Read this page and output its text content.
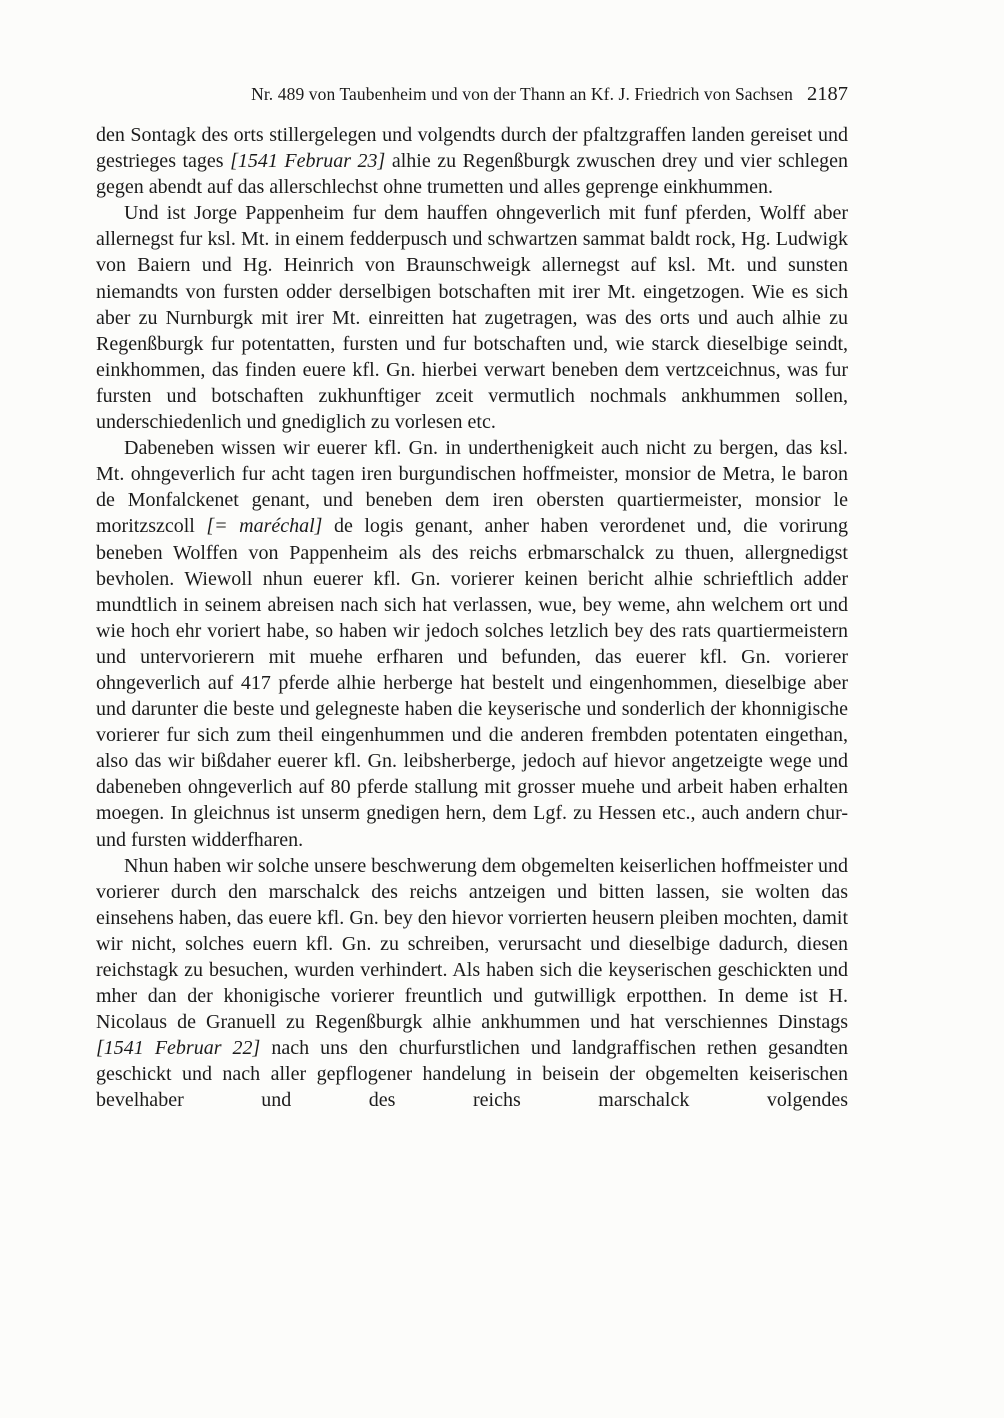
Nr. 489 von Taubenheim und von der Thann an Kf. J. Friedrich von Sachsen 2187

den Sontagk des orts stillergelegen und volgendts durch der pfaltzgraffen landen gereiset und gestrieges tages [1541 Februar 23] alhie zu Regenßburgk zwuschen drey und vier schlegen gegen abendt auf das allerschlechst ohne trumetten und alles geprenge einkhummen.

Und ist Jorge Pappenheim fur dem hauffen ohngeverlich mit funf pferden, Wolff aber allernegst fur ksl. Mt. in einem fedderpusch und schwartzen sammat baldt rock, Hg. Ludwigk von Baiern und Hg. Heinrich von Braunschweigk allernegst auf ksl. Mt. und sunsten niemandts von fursten odder derselbigen botschaften mit irer Mt. eingetzogen. Wie es sich aber zu Nurnburgk mit irer Mt. einreitten hat zugetragen, was des orts und auch alhie zu Regenßburgk fur potentatten, fursten und fur botschaften und, wie starck dieselbige seindt, einkhommen, das finden euere kfl. Gn. hierbei verwart beneben dem vertzceichnus, was fur fursten und botschaften zukhunftiger zceit vermutlich nochmals ankhummen sollen, underschiedenlich und gnediglich zu vorlesen etc.

Dabeneben wissen wir euerer kfl. Gn. in underthenigkeit auch nicht zu bergen, das ksl. Mt. ohngeverlich fur acht tagen iren burgundischen hoffmeister, monsior de Metra, le baron de Monfalckenet genant, und beneben dem iren obersten quartiermeister, monsior le moritzszcoll [= maréchal] de logis genant, anher haben verordenet und, die vorirung beneben Wolffen von Pappenheim als des reichs erbmarschalck zu thuen, allergnedigst bevholen. Wiewoll nhun euerer kfl. Gn. vorierer keinen bericht alhie schrieftlich adder mundtlich in seinem abreisen nach sich hat verlassen, wue, bey weme, ahn welchem ort und wie hoch ehr voriert habe, so haben wir jedoch solches letzlich bey des rats quartiermeistern und untervorierern mit muehe erfharen und befunden, das euerer kfl. Gn. vorierer ohngeverlich auf 417 pferde alhie herberge hat bestelt und eingenhommen, dieselbige aber und darunter die beste und gelegneste haben die keyserische und sonderlich der khonnigische vorierer fur sich zum theil eingenhummen und die anderen frembden potentaten eingethan, also das wir bißdaher euerer kfl. Gn. leibsherberge, jedoch auf hievor angetzeigte wege und dabeneben ohngeverlich auf 80 pferde stallung mit grosser muehe und arbeit haben erhalten moegen. In gleichnus ist unserm gnedigen hern, dem Lgf. zu Hessen etc., auch andern chur- und fursten widderfharen.

Nhun haben wir solche unsere beschwerung dem obgemelten keiserlichen hoffmeister und vorierer durch den marschalck des reichs antzeigen und bitten lassen, sie wolten das einsehens haben, das euere kfl. Gn. bey den hievor vorrierten heusern pleiben mochten, damit wir nicht, solches euern kfl. Gn. zu schreiben, verursacht und dieselbige dadurch, diesen reichstagk zu besuchen, wurden verhindert. Als haben sich die keyserischen geschickten und mher dan der khonigische vorierer freuntlich und gutwilligk erpotthen. In deme ist H. Nicolaus de Granuell zu Regenßburgk alhie ankhummen und hat verschiennes Dinstags [1541 Februar 22] nach uns den churfurstlichen und landgraffischen rethen gesandten geschickt und nach aller gepflogener handelung in beisein der obgemelten keiserischen bevelhaber und des reichs marschalck volgendes
